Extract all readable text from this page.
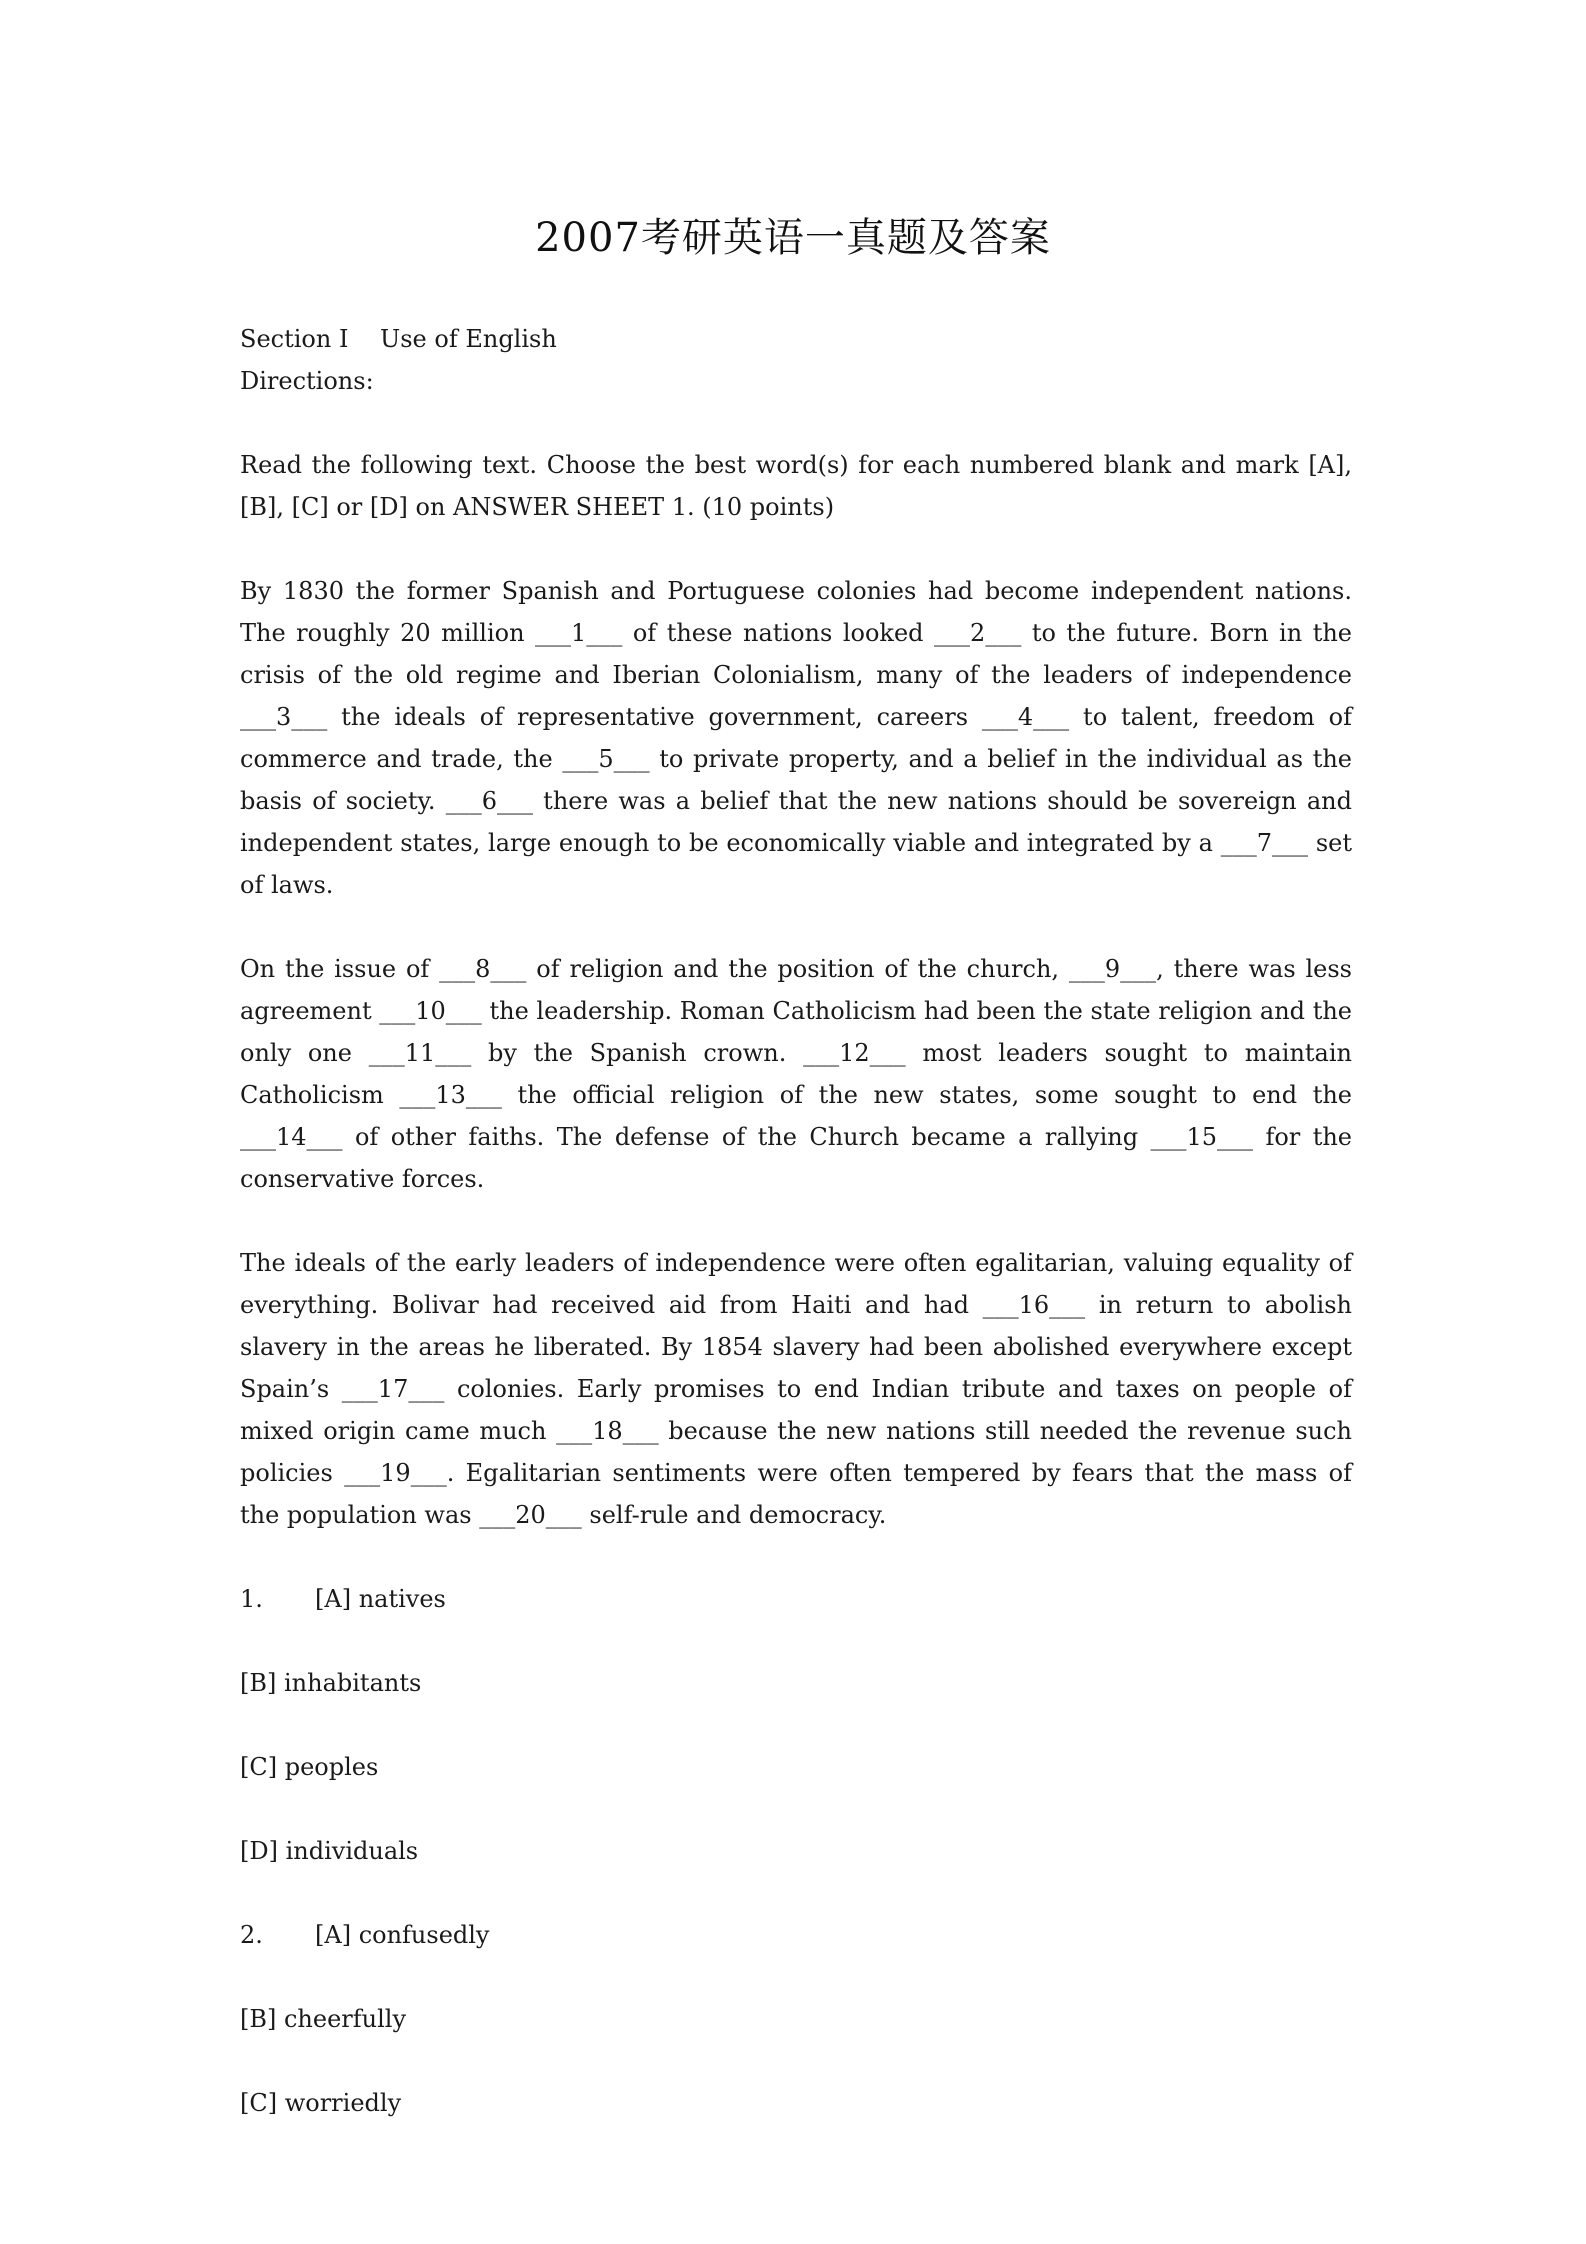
2007考研英语一真题及答案

Section I Use of English

Directions:

Read the following text. Choose the best word(s) for each numbered blank and mark [A], [B], [C] or [D] on ANSWER SHEET 1. (10 points)

By 1830 the former Spanish and Portuguese colonies had become independent nations. The roughly 20 million ___1___ of these nations looked ___2___ to the future. Born in the crisis of the old regime and Iberian Colonialism, many of the leaders of independence ___3___ the ideals of representative government, careers ___4___ to talent, freedom of commerce and trade, the ___5___ to private property, and a belief in the individual as the basis of society. ___6___ there was a belief that the new nations should be sovereign and independent states, large enough to be economically viable and integrated by a ___7___ set of laws.

On the issue of ___8___ of religion and the position of the church, ___9___, there was less agreement ___10___ the leadership. Roman Catholicism had been the state religion and the only one ___11___ by the Spanish crown. ___12___ most leaders sought to maintain Catholicism ___13___ the official religion of the new states, some sought to end the ___14___ of other faiths. The defense of the Church became a rallying ___15___ for the conservative forces.

The ideals of the early leaders of independence were often egalitarian, valuing equality of everything. Bolivar had received aid from Haiti and had ___16___ in return to abolish slavery in the areas he liberated. By 1854 slavery had been abolished everywhere except Spain’s ___17___ colonies. Early promises to end Indian tribute and taxes on people of mixed origin came much ___18___ because the new nations still needed the revenue such policies ___19___. Egalitarian sentiments were often tempered by fears that the mass of the population was ___20___ self-rule and democracy.

1. [A] natives

[B] inhabitants

[C] peoples

[D] individuals

2. [A] confusedly

[B] cheerfully

[C] worriedly
